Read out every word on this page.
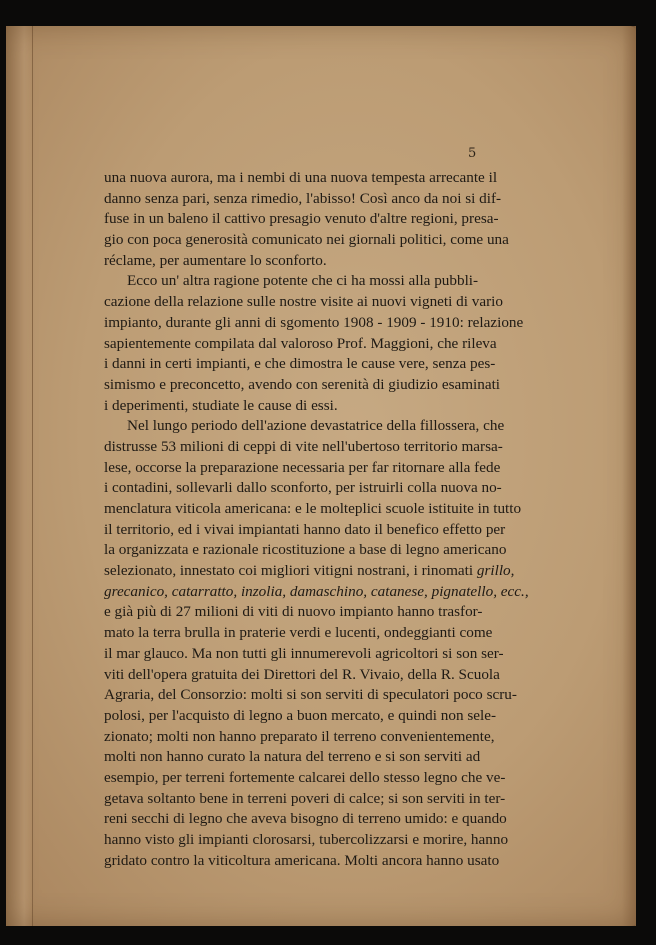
5
una nuova aurora, ma i nembi di una nuova tempesta arrecante il
danno senza pari, senza rimedio, l'abisso! Così anco da noi si dif-
fuse in un baleno il cattivo presagio venuto d'altre regioni, presa-
gio con poca generosità comunicato nei giornali politici, come una
réclame, per aumentare lo sconforto.
Ecco un' altra ragione potente che ci ha mossi alla pubbli-
cazione della relazione sulle nostre visite ai nuovi vigneti di vario
impianto, durante gli anni di sgomento 1908 - 1909 - 1910: relazione
sapientemente compilata dal valoroso Prof. Maggioni, che rileva
i danni in certi impianti, e che dimostra le cause vere, senza pes-
simismo e preconcetto, avendo con serenità di giudizio esaminati
i deperimenti, studiate le cause di essi.
Nel lungo periodo dell'azione devastatrice della fillossera, che
distrusse 53 milioni di ceppi di vite nell'ubertoso territorio marsa-
lese, occorse la preparazione necessaria per far ritornare alla fede
i contadini, sollevarli dallo sconforto, per istruirli colla nuova no-
menclatura viticola americana: e le molteplici scuole istituite in tutto
il territorio, ed i vivai impiantati hanno dato il benefico effetto per
la organizzata e razionale ricostituzione a base di legno americano
selezionato, innestato coi migliori vitigni nostrani, i rinomati grillo,
grecanico, catarratto, inzolia, damaschino, catanese, pignatello, ecc.,
e già più di 27 milioni di viti di nuovo impianto hanno trasfor-
mato la terra brulla in praterie verdi e lucenti, ondeggianti come
il mar glauco. Ma non tutti gli innumerevoli agricoltori si son ser-
viti dell'opera gratuita dei Direttori del R. Vivaio, della R. Scuola
Agraria, del Consorzio: molti si son serviti di speculatori poco scru-
polosi, per l'acquisto di legno a buon mercato, e quindi non sele-
zionato; molti non hanno preparato il terreno convenientemente,
molti non hanno curato la natura del terreno e si son serviti ad
esempio, per terreni fortemente calcarei dello stesso legno che ve-
getava soltanto bene in terreni poveri di calce; si son serviti in ter-
reni secchi di legno che aveva bisogno di terreno umido: e quando
hanno visto gli impianti clorosarsi, tubercolizzarsi e morire, hanno
gridato contro la viticoltura americana. Molti ancora hanno usato
